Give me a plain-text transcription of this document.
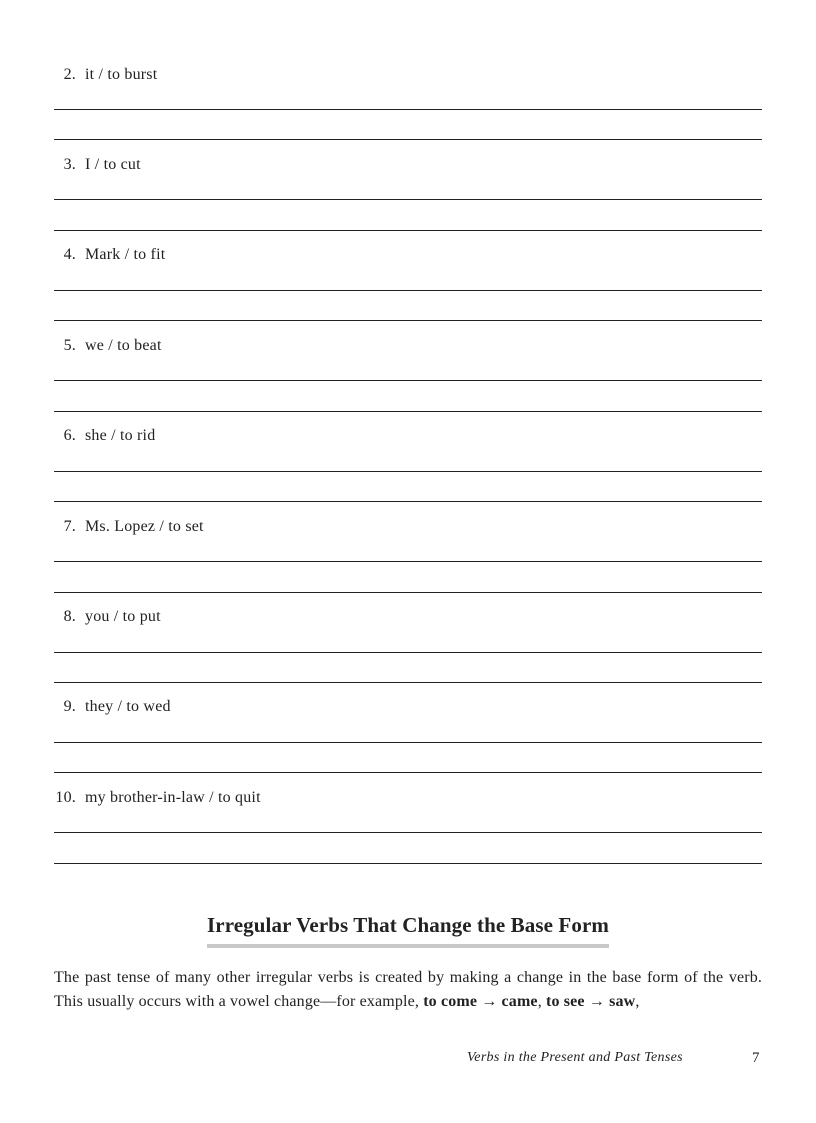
2. it / to burst
3. I / to cut
4. Mark / to fit
5. we / to beat
6. she / to rid
7. Ms. Lopez / to set
8. you / to put
9. they / to wed
10. my brother-in-law / to quit
Irregular Verbs That Change the Base Form
The past tense of many other irregular verbs is created by making a change in the base form of the verb. This usually occurs with a vowel change—for example, to come → came, to see → saw,
Verbs in the Present and Past Tenses	7
